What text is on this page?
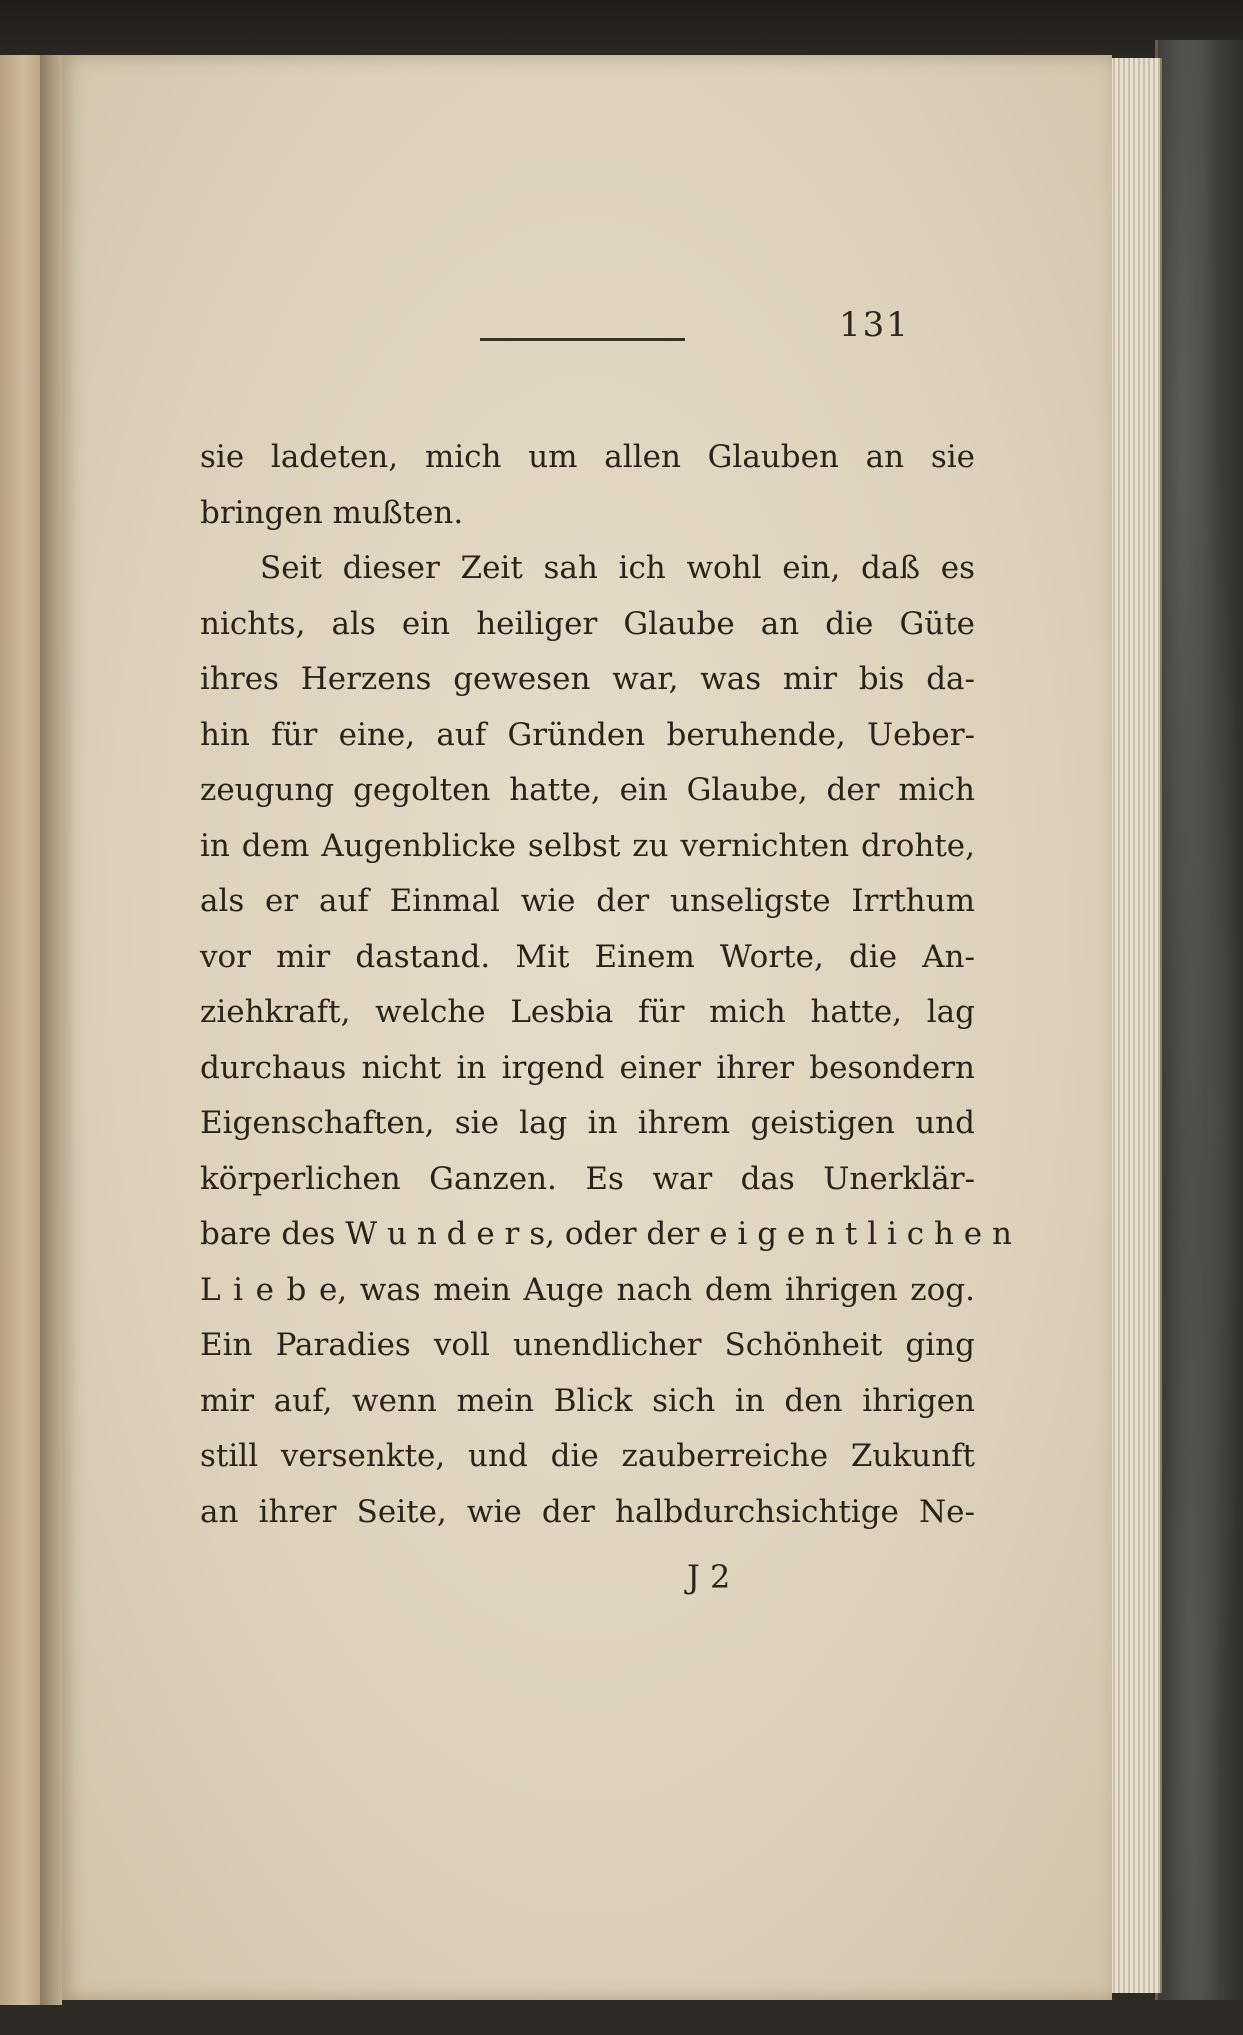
131
sie ladeten, mich um allen Glauben an sie
bringen mußten.
Seit dieser Zeit sah ich wohl ein, daß es
nichts, als ein heiliger Glaube an die Güte
ihres Herzens gewesen war, was mir bis da-
hin für eine, auf Gründen beruhende, Ueber-
zeugung gegolten hatte, ein Glaube, der mich
in dem Augenblicke selbst zu vernichten drohte,
als er auf Einmal wie der unseligste Irrthum
vor mir dastand. Mit Einem Worte, die An-
ziehkraft, welche Lesbia für mich hatte, lag
durchaus nicht in irgend einer ihrer besondern
Eigenschaften, sie lag in ihrem geistigen und
körperlichen Ganzen. Es war das Unerklär-
bare des W u n d e r s, oder der e i g e n t l i c h e n
L i e b e, was mein Auge nach dem ihrigen zog.
Ein Paradies voll unendlicher Schönheit ging
mir auf, wenn mein Blick sich in den ihrigen
still versenkte, und die zauberreiche Zukunft
an ihrer Seite, wie der halbdurchsichtige Ne-
J 2
